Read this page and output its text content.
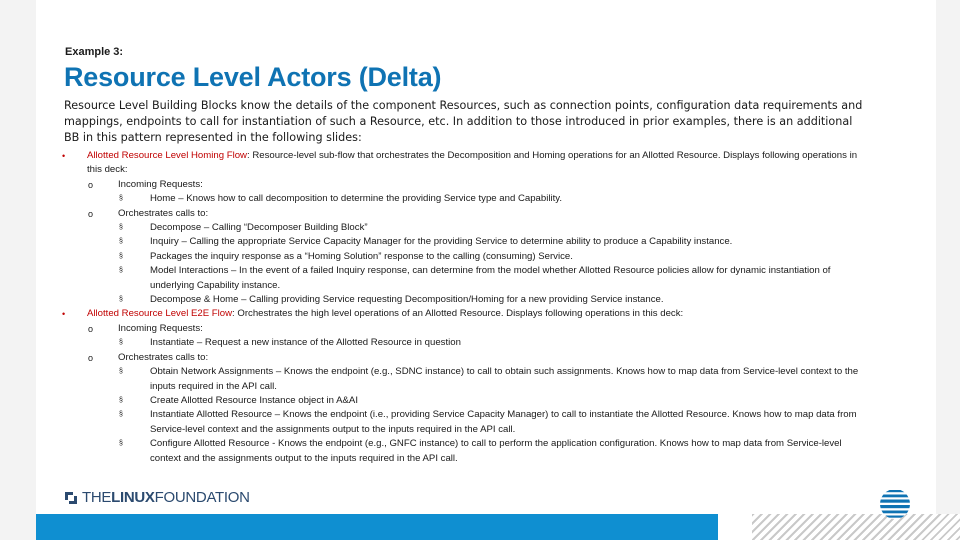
Example 3:
Resource Level Actors (Delta)
Resource Level Building Blocks know the details of the component Resources, such as connection points, configuration data requirements and mappings, endpoints to call for instantiation of such a Resource, etc. In addition to those introduced in prior examples, there is an additional BB in this pattern represented in the following slides:
• Allotted Resource Level Homing Flow: Resource-level sub-flow that orchestrates the Decomposition and Homing operations for an Allotted Resource. Displays following operations in this deck:
o	Incoming Requests:
§	Home – Knows how to call decomposition to determine the providing Service type and Capability.
o	Orchestrates calls to:
§	Decompose – Calling “Decomposer Building Block”
§	Inquiry – Calling the appropriate Service Capacity Manager for the providing Service to determine ability to produce a Capability instance.
§	Packages the inquiry response as a “Homing Solution” response to the calling (consuming) Service.
§	Model Interactions – In the event of a failed Inquiry response, can determine from the model whether Allotted Resource policies allow for dynamic instantiation of underlying Capability instance.
§	Decompose & Home – Calling providing Service requesting Decomposition/Homing for a new providing Service instance.
• Allotted Resource Level E2E Flow: Orchestrates the high level operations of an Allotted Resource. Displays following operations in this deck:
o	Incoming Requests:
§	Instantiate – Request a new instance of the Allotted Resource in question
o	Orchestrates calls to:
§	Obtain Network Assignments – Knows the endpoint (e.g., SDNC instance) to call to obtain such assignments. Knows how to map data from Service-level context to the inputs required in the API call.
§	Create Allotted Resource Instance object in A&AI
§	Instantiate Allotted Resource – Knows the endpoint (i.e., providing Service Capacity Manager) to call to instantiate the Allotted Resource. Knows how to map data from Service-level context and the assignments output to the inputs required in the API call.
§	Configure Allotted Resource - Knows the endpoint (e.g., GNFC instance) to call to perform the application configuration. Knows how to map data from Service-level context and the assignments output to the inputs required in the API call.
THELINUXFOUNDATION
